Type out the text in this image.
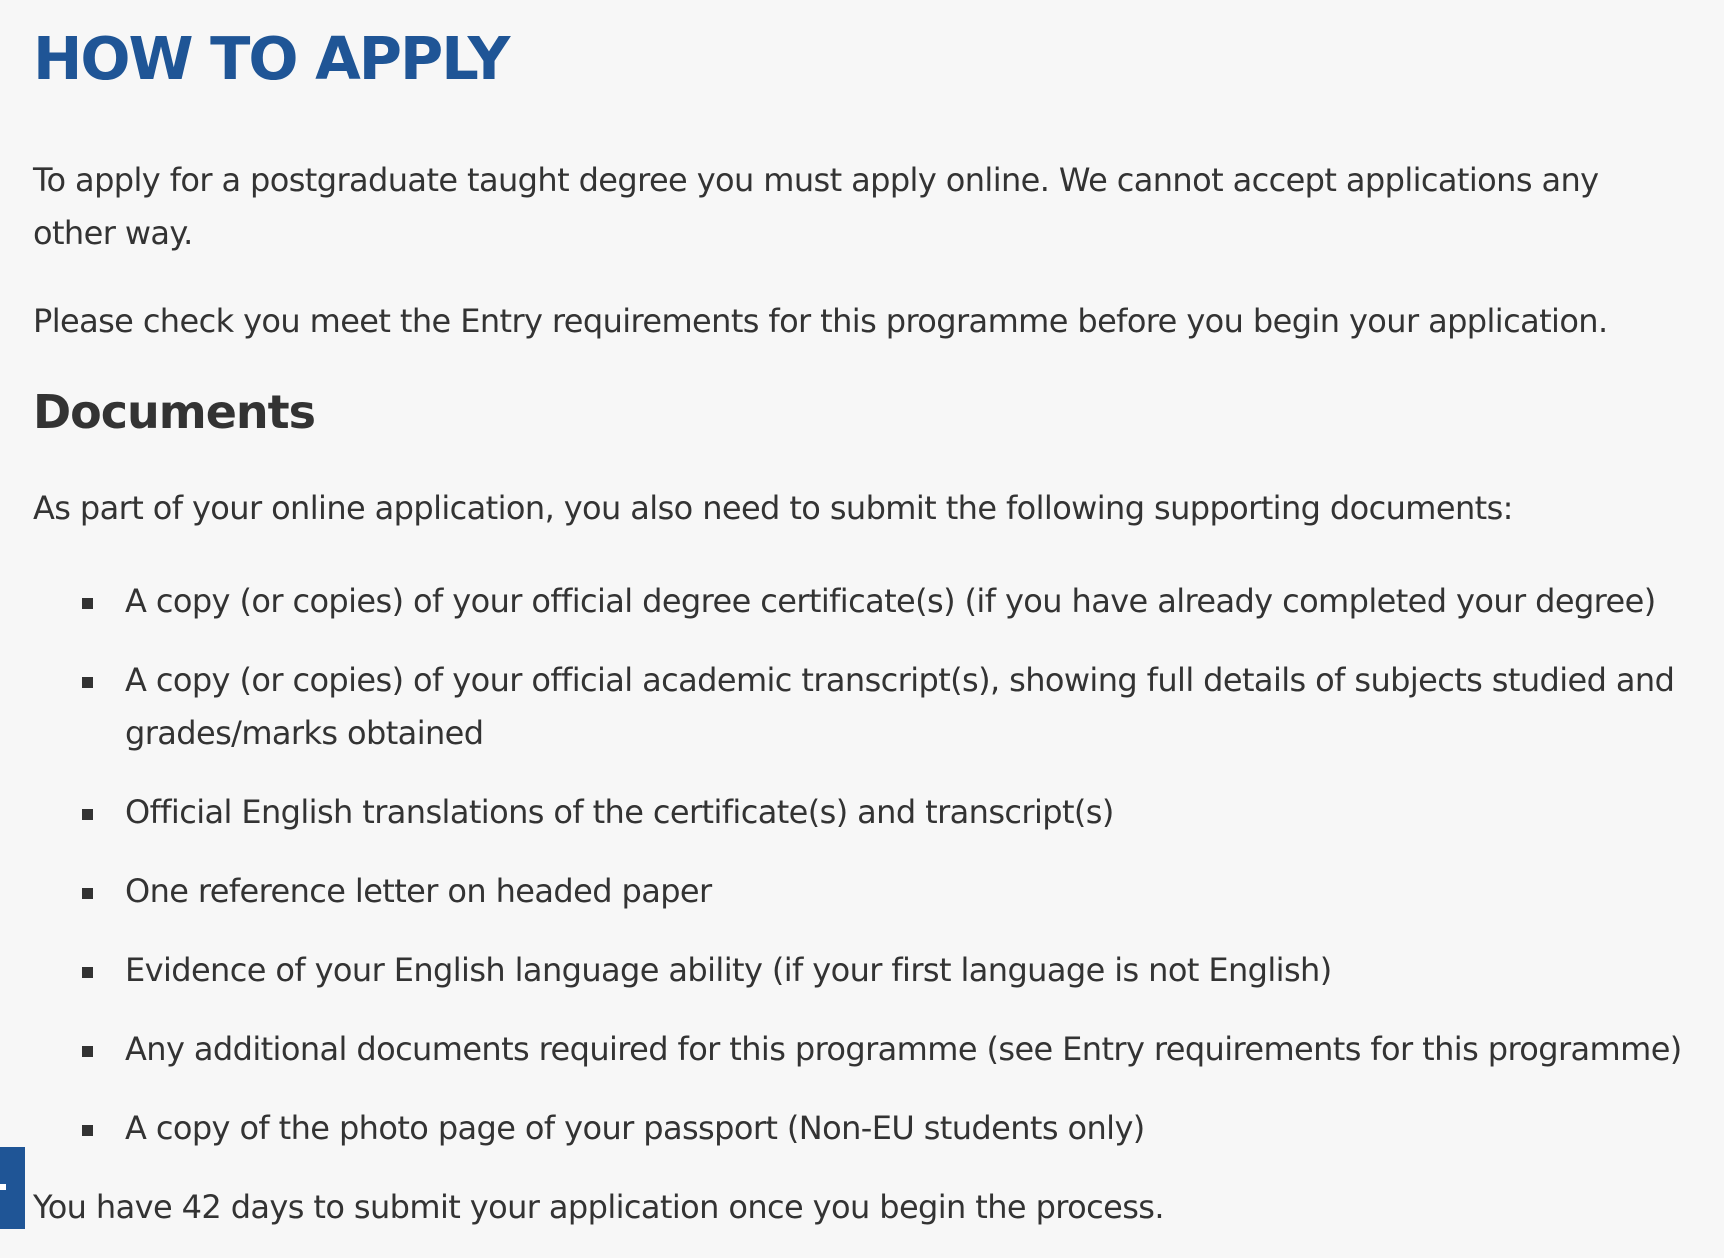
HOW TO APPLY

To apply for a postgraduate taught degree you must apply online. We cannot accept applications any other way.

Please check you meet the Entry requirements for this programme before you begin your application.

Documents

As part of your online application, you also need to submit the following supporting documents:

A copy (or copies) of your official degree certificate(s) (if you have already completed your degree)
A copy (or copies) of your official academic transcript(s), showing full details of subjects studied and grades/marks obtained
Official English translations of the certificate(s) and transcript(s)
One reference letter on headed paper
Evidence of your English language ability (if your first language is not English)
Any additional documents required for this programme (see Entry requirements for this programme)
A copy of the photo page of your passport (Non-EU students only)

You have 42 days to submit your application once you begin the process.
